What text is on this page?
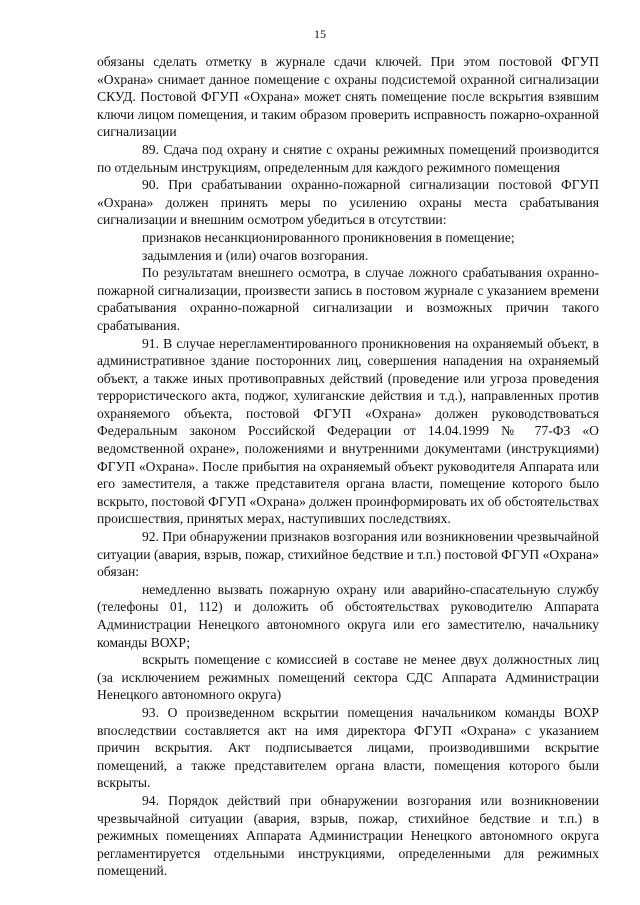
15

обязаны сделать отметку в журнале сдачи ключей. При этом постовой ФГУП «Охрана» снимает данное помещение с охраны подсистемой охранной сигнализации СКУД. Постовой ФГУП «Охрана» может снять помещение после вскрытия взявшим ключи лицом помещения, и таким образом проверить исправность пожарно-охранной сигнализации

89. Сдача под охрану и снятие с охраны режимных помещений производится по отдельным инструкциям, определенным для каждого режимного помещения

90. При срабатывании охранно-пожарной сигнализации постовой ФГУП «Охрана» должен принять меры по усилению охраны места срабатывания сигнализации и внешним осмотром убедиться в отсутствии:

признаков несанкционированного проникновения в помещение;

задымления и (или) очагов возгорания.

По результатам внешнего осмотра, в случае ложного срабатывания охранно-пожарной сигнализации, произвести запись в постовом журнале с указанием времени срабатывания охранно-пожарной сигнализации и возможных причин такого срабатывания.

91. В случае нерегламентированного проникновения на охраняемый объект, в административное здание посторонних лиц, совершения нападения на охраняемый объект, а также иных противоправных действий (проведение или угроза проведения террористического акта, поджог, хулиганские действия и т.д.), направленных против охраняемого объекта, постовой ФГУП «Охрана» должен руководствоваться Федеральным законом Российской Федерации от 14.04.1999 № 77-ФЗ «О ведомственной охране», положениями и внутренними документами (инструкциями) ФГУП «Охрана». После прибытия на охраняемый объект руководителя Аппарата или его заместителя, а также представителя органа власти, помещение которого было вскрыто, постовой ФГУП «Охрана» должен проинформировать их об обстоятельствах происшествия, принятых мерах, наступивших последствиях.

92. При обнаружении признаков возгорания или возникновении чрезвычайной ситуации (авария, взрыв, пожар, стихийное бедствие и т.п.) постовой ФГУП «Охрана» обязан:

немедленно вызвать пожарную охрану или аварийно-спасательную службу (телефоны 01, 112) и доложить об обстоятельствах руководителю Аппарата Администрации Ненецкого автономного округа или его заместителю, начальнику команды ВОХР;

вскрыть помещение с комиссией в составе не менее двух должностных лиц (за исключением режимных помещений сектора СДС Аппарата Администрации Ненецкого автономного округа)

93. О произведенном вскрытии помещения начальником команды ВОХР впоследствии составляется акт на имя директора ФГУП «Охрана» с указанием причин вскрытия. Акт подписывается лицами, производившими вскрытие помещений, а также представителем органа власти, помещения которого были вскрыты.

94. Порядок действий при обнаружении возгорания или возникновении чрезвычайной ситуации (авария, взрыв, пожар, стихийное бедствие и т.п.) в режимных помещениях Аппарата Администрации Ненецкого автономного округа регламентируется отдельными инструкциями, определенными для режимных помещений.
